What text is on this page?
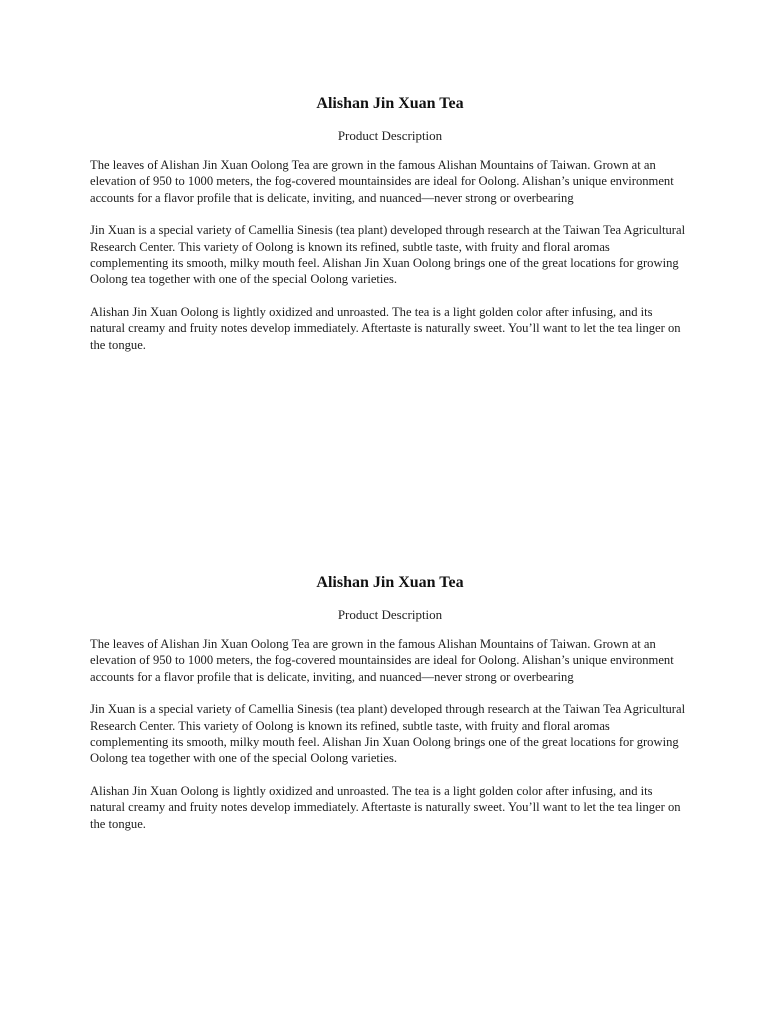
Alishan Jin Xuan Tea
Product Description

The leaves of Alishan Jin Xuan Oolong Tea are grown in the famous Alishan Mountains of Taiwan. Grown at an elevation of 950 to 1000 meters, the fog-covered mountainsides are ideal for Oolong. Alishan’s unique environment accounts for a flavor profile that is delicate, inviting, and nuanced—never strong or overbearing

Jin Xuan is a special variety of Camellia Sinesis (tea plant) developed through research at the Taiwan Tea Agricultural Research Center. This variety of Oolong is known its refined, subtle taste, with fruity and floral aromas complementing its smooth, milky mouth feel. Alishan Jin Xuan Oolong brings one of the great locations for growing Oolong tea together with one of the special Oolong varieties.

Alishan Jin Xuan Oolong is lightly oxidized and unroasted. The tea is a light golden color after infusing, and its natural creamy and fruity notes develop immediately. Aftertaste is naturally sweet. You’ll want to let the tea linger on the tongue.

Alishan Jin Xuan Tea
Product Description

The leaves of Alishan Jin Xuan Oolong Tea are grown in the famous Alishan Mountains of Taiwan. Grown at an elevation of 950 to 1000 meters, the fog-covered mountainsides are ideal for Oolong. Alishan’s unique environment accounts for a flavor profile that is delicate, inviting, and nuanced—never strong or overbearing

Jin Xuan is a special variety of Camellia Sinesis (tea plant) developed through research at the Taiwan Tea Agricultural Research Center. This variety of Oolong is known its refined, subtle taste, with fruity and floral aromas complementing its smooth, milky mouth feel. Alishan Jin Xuan Oolong brings one of the great locations for growing Oolong tea together with one of the special Oolong varieties.

Alishan Jin Xuan Oolong is lightly oxidized and unroasted. The tea is a light golden color after infusing, and its natural creamy and fruity notes develop immediately. Aftertaste is naturally sweet. You’ll want to let the tea linger on the tongue.
